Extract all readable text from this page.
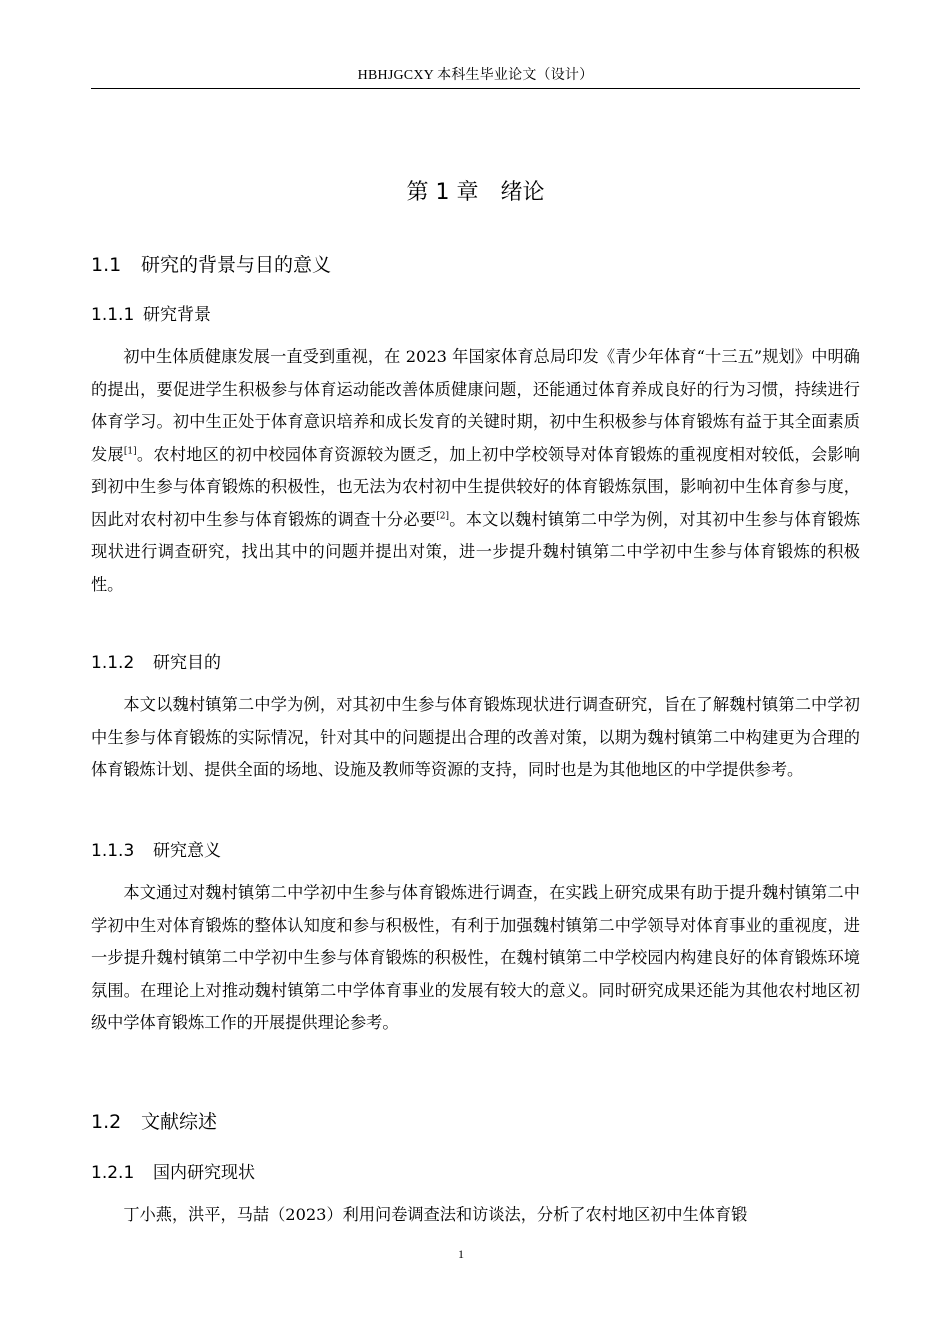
HBHJGCXY 本科生毕业论文（设计）
第 1 章　绪论
1.1 研究的背景与目的意义
1.1.1 研究背景
初中生体质健康发展一直受到重视，在 2023 年国家体育总局印发《青少年体育“十三五”规划》中明确的提出，要促进学生积极参与体育运动能改善体质健康问题，还能通过体育养成良好的行为习惯，持续进行体育学习。初中生正处于体育意识培养和成长发育的关键时期，初中生积极参与体育锻炼有益于其全面素质发展[1]。农村地区的初中校园体育资源较为匮乏，加上初中学校领导对体育锻炼的重视度相对较低，会影响到初中生参与体育锻炼的积极性，也无法为农村初中生提供较好的体育锻炼氛围，影响初中生体育参与度，因此对农村初中生参与体育锻炼的调查十分必要[2]。本文以魏村镇第二中学为例，对其初中生参与体育锻炼现状进行调查研究，找出其中的问题并提出对策，进一步提升魏村镇第二中学初中生参与体育锻炼的积极性。
1.1.2 研究目的
本文以魏村镇第二中学为例，对其初中生参与体育锻炼现状进行调查研究，旨在了解魏村镇第二中学初中生参与体育锻炼的实际情况，针对其中的问题提出合理的改善对策，以期为魏村镇第二中构建更为合理的体育锻炼计划、提供全面的场地、设施及教师等资源的支持，同时也是为其他地区的中学提供参考。
1.1.3 研究意义
本文通过对魏村镇第二中学初中生参与体育锻炼进行调查，在实践上研究成果有助于提升魏村镇第二中学初中生对体育锻炼的整体认知度和参与积极性，有利于加强魏村镇第二中学领导对体育事业的重视度，进一步提升魏村镇第二中学初中生参与体育锻炼的积极性，在魏村镇第二中学校园内构建良好的体育锻炼环境氛围。在理论上对推动魏村镇第二中学体育事业的发展有较大的意义。同时研究成果还能为其他农村地区初级中学体育锻炼工作的开展提供理论参考。
1.2 文献综述
1.2.1 国内研究现状
丁小燕，洪平，马喆（2023）利用问卷调查法和访谈法，分析了农村地区初中生体育锻
1
